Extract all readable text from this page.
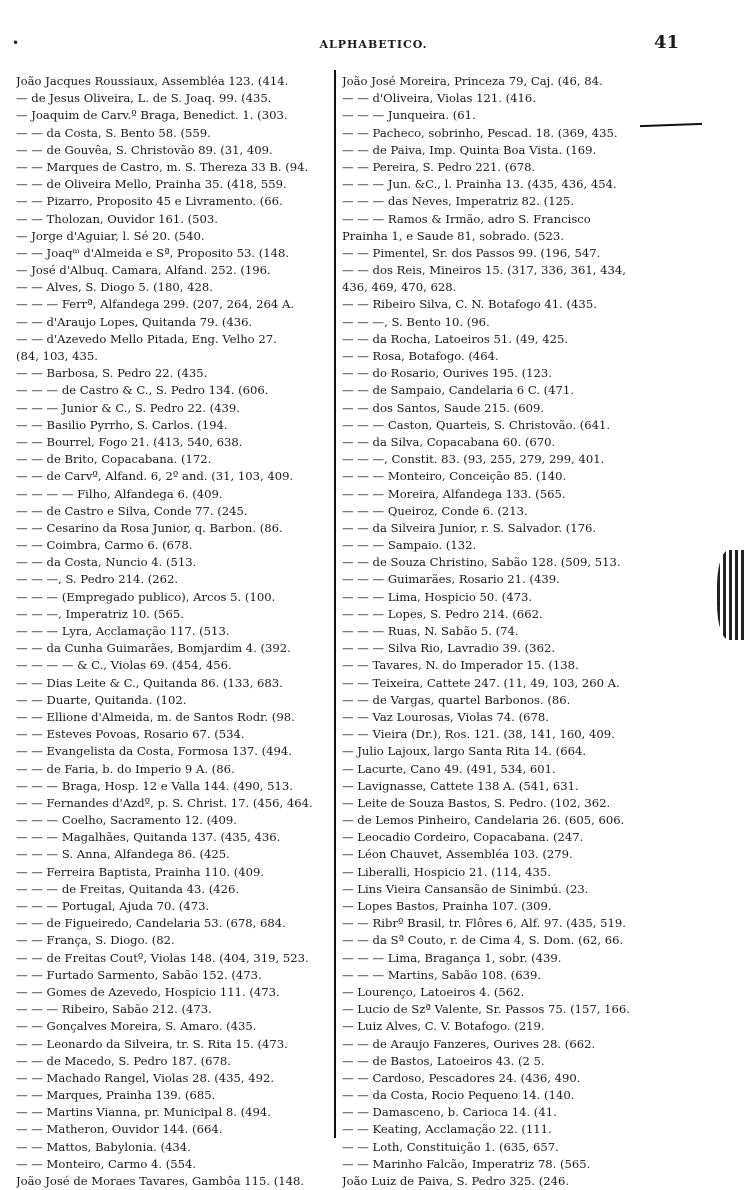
•	ALPHABETICO.	41
João Jacques Roussiaux, Assembléa 123. (414.
— de Jesus Oliveira, L. de S. Joaq. 99. (435.
— Joaquim de Carv.º Braga, Benedict. 1. (303.
— — da Costa, S. Bento 58. (559.
— — de Gouvêa, S. Christovão 89. (31, 409.
— — Marques de Castro, m. S. Thereza 33 B. (94.
— — de Oliveira Mello, Prainha 35. (418, 559.
— — Pizarro, Proposito 45 e Livramento. (66.
— — Tholozan, Ouvidor 161. (503.
— Jorge d'Aguiar, l. Sé 20. (540.
— — Joaqᵐ d'Almeida e Sª, Proposito 53. (148.
— José d'Albuq. Camara, Alfand. 252. (196.
— — Alves, S. Diogo 5. (180, 428.
— — — Ferrª, Alfandega 299. (207, 264, 264 A.
— — d'Araujo Lopes, Quitanda 79. (436.
— — d'Azevedo Mello Pitada, Eng. Velho 27.
(84, 103, 435.
— — Barbosa, S. Pedro 22. (435.
— — — de Castro & C., S. Pedro 134. (606.
— — — Junior & C., S. Pedro 22. (439.
— — Basilio Pyrrho, S. Carlos. (194.
— — Bourrel, Fogo 21. (413, 540, 638.
— — de Brito, Copacabana. (172.
— — de Carvº, Alfand. 6, 2º and. (31, 103, 409.
— — — — Filho, Alfandega 6. (409.
— — de Castro e Silva, Conde 77. (245.
— — Cesarino da Rosa Junior, q. Barbon. (86.
— — Coimbra, Carmo 6. (678.
— — da Costa, Nuncio 4. (513.
— — —, S. Pedro 214. (262.
— — — (Empregado publico), Arcos 5. (100.
— — —, Imperatriz 10. (565.
— — — Lyra, Acclamação 117. (513.
— — da Cunha Guimarães, Bomjardim 4. (392.
— — — — & C., Violas 69. (454, 456.
— — Dias Leite & C., Quitanda 86. (133, 683.
— — Duarte, Quitanda. (102.
— — Ellione d'Almeida, m. de Santos Rodr. (98.
— — Esteves Povoas, Rosario 67. (534.
— — Evangelista da Costa, Formosa 137. (494.
— — de Faria, b. do Imperio 9 A. (86.
— — — Braga, Hosp. 12 e Valla 144. (490, 513.
— — Fernandes d'Azdº, p. S. Christ. 17. (456, 464.
— — — Coelho, Sacramento 12. (409.
— — — Magalhães, Quitanda 137. (435, 436.
— — — S. Anna, Alfandega 86. (425.
— — Ferreira Baptista, Prainha 110. (409.
— — — de Freitas, Quitanda 43. (426.
— — — Portugal, Ajuda 70. (473.
— — de Figueiredo, Candelaria 53. (678, 684.
— — França, S. Diogo. (82.
— — de Freitas Coutº, Violas 148. (404, 319, 523.
— — Furtado Sarmento, Sabão 152. (473.
— — Gomes de Azevedo, Hospicio 111. (473.
— — — Ribeiro, Sabão 212. (473.
— — Gonçalves Moreira, S. Amaro. (435.
— — Leonardo da Silveira, tr. S. Rita 15. (473.
— — de Macedo, S. Pedro 187. (678.
— — Machado Rangel, Violas 28. (435, 492.
— — Marques, Prainha 139. (685.
— — Martins Vianna, pr. Municipal 8. (494.
— — Matheron, Ouvidor 144. (664.
— — Mattos, Babylonia. (434.
— — Monteiro, Carmo 4. (554.
João José de Moraes Tavares, Gambôa 115. (148.
João José Moreira, Princeza 79, Caj. (46, 84.
— — d'Oliveira, Violas 121. (416.
— — — Junqueira. (61.
— — Pacheco, sobrinho, Pescad. 18. (369, 435.
— — de Paiva, Imp. Quinta Boa Vista. (169.
— — Pereira, S. Pedro 221. (678.
— — — Jun. &C., l. Prainha 13. (435, 436, 454.
— — — das Neves, Imperatriz 82. (125.
— — — Ramos & Irmão, adro S. Francisco
Prainha 1, e Saude 81, sobrado. (523.
— — Pimentel, Sr. dos Passos 99. (196, 547.
— — dos Reis, Mineiros 15. (317, 336, 361, 434,
436, 469, 470, 628.
— — Ribeiro Silva, C. N. Botafogo 41. (435.
— — —, S. Bento 10. (96.
— — da Rocha, Latoeiros 51. (49, 425.
— — Rosa, Botafogo. (464.
— — do Rosario, Ourives 195. (123.
— — de Sampaio, Candelaria 6 C. (471.
— — dos Santos, Saude 215. (609.
— — — Caston, Quarteis, S. Christovão. (641.
— — da Silva, Copacabana 60. (670.
— — —, Constit. 83. (93, 255, 279, 299, 401.
— — — Monteiro, Conceição 85. (140.
— — — Moreira, Alfandega 133. (565.
— — — Queiroz, Conde 6. (213.
— — da Silveira Junior, r. S. Salvador. (176.
— — — Sampaio. (132.
— — de Souza Christino, Sabão 128. (509, 513.
— — — Guimarães, Rosario 21. (439.
— — — Lima, Hospicio 50. (473.
— — — Lopes, S. Pedro 214. (662.
— — — Ruas, N. Sabão 5. (74.
— — — Silva Rio, Lavradio 39. (362.
— — Tavares, N. do Imperador 15. (138.
— — Teixeira, Cattete 247. (11, 49, 103, 260 A.
— — de Vargas, quartel Barbonos. (86.
— — Vaz Lourosas, Violas 74. (678.
— — Vieira (Dr.), Ros. 121. (38, 141, 160, 409.
— Julio Lajoux, largo Santa Rita 14. (664.
— Lacurte, Cano 49. (491, 534, 601.
— Lavignasse, Cattete 138 A. (541, 631.
— Leite de Souza Bastos, S. Pedro. (102, 362.
— de Lemos Pinheiro, Candelaria 26. (605, 606.
— Leocadio Cordeiro, Copacabana. (247.
— Léon Chauvet, Assembléa 103. (279.
— Liberalli, Hospicio 21. (114, 435.
— Lins Vieira Cansansão de Sinimbú. (23.
— Lopes Bastos, Prainha 107. (309.
— — Ribrº Brasil, tr. Flôres 6, Alf. 97. (435, 519.
— — da Sª Couto, r. de Cima 4, S. Dom. (62, 66.
— — — Lima, Bragança 1, sobr. (439.
— — — Martins, Sabão 108. (639.
— Lourenço, Latoeiros 4. (562.
— Lucio de Szª Valente, Sr. Passos 75. (157, 166.
— Luiz Alves, C. V. Botafogo. (219.
— — de Araujo Fanzeres, Ourives 28. (662.
— — de Bastos, Latoeiros 43. (2 5.
— — Cardoso, Pescadores 24. (436, 490.
— — da Costa, Rocio Pequeno 14. (140.
— — Damasceno, b. Carioca 14. (41.
— — Keating, Acclamação 22. (111.
— — Loth, Constituição 1. (635, 657.
— — Marinho Falcão, Imperatriz 78. (565.
João Luiz de Paiva, S. Pedro 325. (246.
